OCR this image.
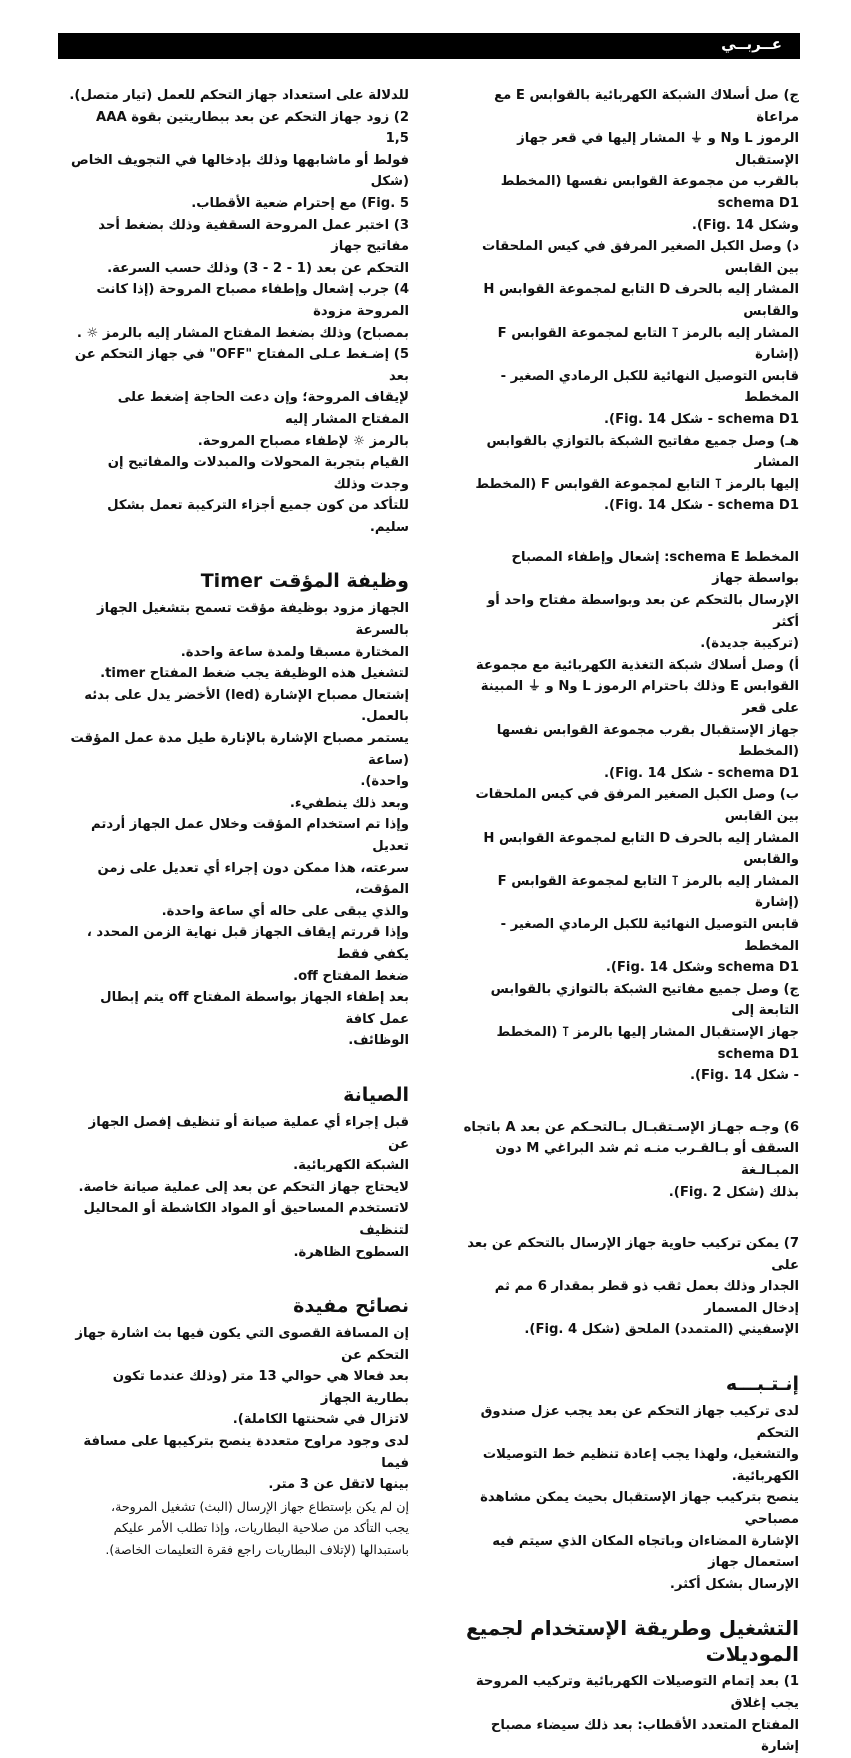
عــربــي

ج) صل أسلاك الشبكة الكهربائية بالقوابس E مع مراعاة

الرموز L وN و ⏚ المشار إليها في قعر جهاز الإستقبال

بالقرب من مجموعة القوابس نفسها (المخطط schema D1

وشكل Fig. 14).

د) وصل الكبل الصغير المرفق في كيس الملحقات بين القابس

المشار إليه بالحرف D التابع لمجموعة القوابس H والقابس

المشار إليه بالرمز ⊺ التابع لمجموعة القوابس F (إشارة

قابس التوصيل النهائية للكبل الرمادي الصغير - المخطط

schema D1 - شكل Fig. 14).

هـ) وصل جميع مفاتيح الشبكة بالتوازي بالقوابس المشار

إليها بالرمز ⊺ التابع لمجموعة القوابس F (المخطط

schema D1 - شكل Fig. 14).

المخطط schema E: إشعال وإطفاء المصباح بواسطة جهاز

الإرسال بالتحكم عن بعد وبواسطة مفتاح واحد أو أكثر

(تركيبة جديدة).

أ) وصل أسلاك شبكة التغذية الكهربائية مع مجموعة

القوابس E وذلك باحترام الرموز L وN و ⏚ المبينة على قعر

جهاز الإستقبال بقرب مجموعة القوابس نفسها (المخطط

schema D1 - شكل Fig. 14).

ب) وصل الكبل الصغير المرفق في كيس الملحقات بين القابس

المشار إليه بالحرف D التابع لمجموعة القوابس H والقابس

المشار إليه بالرمز ⊺ التابع لمجموعة القوابس F (إشارة

قابس التوصيل النهائية للكبل الرمادي الصغير - المخطط

schema D1 وشكل Fig. 14).

ج) وصل جميع مفاتيح الشبكة بالتوازي بالقوابس التابعة إلى

جهاز الإستقبال المشار إليها بالرمز ⊺ (المخطط schema D1

- شكل Fig. 14).

6) وجـه جهـاز الإسـتقبـال بـالتحـكم عن بعد A باتجاه

السقف أو بـالقـرب منـه ثم شد البراغي M دون المبـالـغة

بذلك (شكل Fig. 2).

7) يمكن تركيب حاوية جهاز الإرسال بالتحكم عن بعد على

الجدار وذلك بعمل ثقب ذو قطر بمقدار 6 مم ثم إدخال المسمار

الإسفيني (المتمدد) الملحق (شكل Fig. 4).

إنـتـبـــه

لدى تركيب جهاز التحكم عن بعد يجب عزل صندوق التحكم

والتشغيل، ولهذا يجب إعادة تنظيم خط التوصيلات

الكهربائية.

ينصح بتركيب جهاز الإستقبال بحيث يمكن مشاهدة مصباحي

الإشارة المضاءان وباتجاه المكان الذي سيتم فيه استعمال جهاز

الإرسال بشكل أكثر.

التشغيل وطريقة الإستخدام لجميع الموديلات

1) بعد إتمام التوصيلات الكهربائية وتركيب المروحة يجب إغلاق

المفتاح المتعدد الأقطاب: بعد ذلك سيضاء مصباح إشارة

للدلالة على استعداد جهاز التحكم للعمل (تيار متصل).

2) زود جهاز التحكم عن بعد ببطاريتين بقوة AAA 1,5

فولط أو ماشابهها وذلك بإدخالها في التجويف الخاص (شكل

Fig. 5) مع إحترام ضعية الأقطاب.

3) اختبر عمل المروحة السقفية وذلك بضغط أحد مفاتيح جهاز

التحكم عن بعد (1 - 2 - 3) وذلك حسب السرعة.

4) جرب إشعال وإطفاء مصباح المروحة (إذا كانت المروحة مزودة

بمصباح) وذلك بضغط المفتاح المشار إليه بالرمز ☼ .

5) إضـغط عـلى المفتاح "OFF" في جهاز التحكم عن بعد

لإيقاف المروحة؛ وإن دعت الحاجة إضغط على المفتاح المشار إليه

بالرمز ☼ لإطفاء مصباح المروحة.

القيام بتجربة المحولات والمبدلات والمفاتيح إن وجدت وذلك

للتأكد من كون جميع أجزاء التركيبة تعمل بشكل سليم.

وظيفة المؤقت Timer

الجهاز مزود بوظيفة مؤقت تسمح بتشغيل الجهاز بالسرعة

المختارة مسبقا ولمدة ساعة واحدة.

لتشغيل هذه الوظيفة يجب ضغط المفتاح timer.

إشتعال مصباح الإشارة (led) الأخضر يدل على بدئه بالعمل.

يستمر مصباح الإشارة بالإنارة طيل مدة عمل المؤقت (ساعة

واحدة).

وبعد ذلك ينطفيء.

وإذا تم استخدام المؤقت وخلال عمل الجهاز أردتم تعديل

سرعته، هذا ممكن دون إجراء أي تعديل على زمن المؤقت،

والذي يبقى على حاله أي ساعة واحدة.

وإذا قررتم إيقاف الجهاز قبل نهاية الزمن المحدد ، يكفي فقط

ضغط المفتاح off.

بعد إطفاء الجهاز بواسطة المفتاح off يتم إبطال عمل كافة

الوظائف.

الصيانة

قبل إجراء أي عملية صيانة أو تنظيف إفصل الجهاز عن

الشبكة الكهربائية.

لايحتاج جهاز التحكم عن بعد إلى عملية صيانة خاصة.

لاتستخدم المساحيق أو المواد الكاشطة أو المحاليل لتنظيف

السطوح الظاهرة.

نصائح مفيدة

إن المسافة القصوى التي يكون فيها بث اشارة جهاز التحكم عن

بعد فعالا هي حوالي 13 متر (وذلك عندما تكون بطارية الجهاز

لاتزال في شحنتها الكاملة).

لدى وجود مراوح متعددة ينصح بتركيبها على مسافة فيما

بينها لاتقل عن 3 متر.

إن لم يكن بإستطاع جهاز الإرسال (البث) تشغيل المروحة،

يجب التأكد من صلاحية البطاريات، وإذا تطلب الأمر عليكم

باستبدالها (لإتلاف البطاريات راجع فقرة التعليمات الخاصة).
